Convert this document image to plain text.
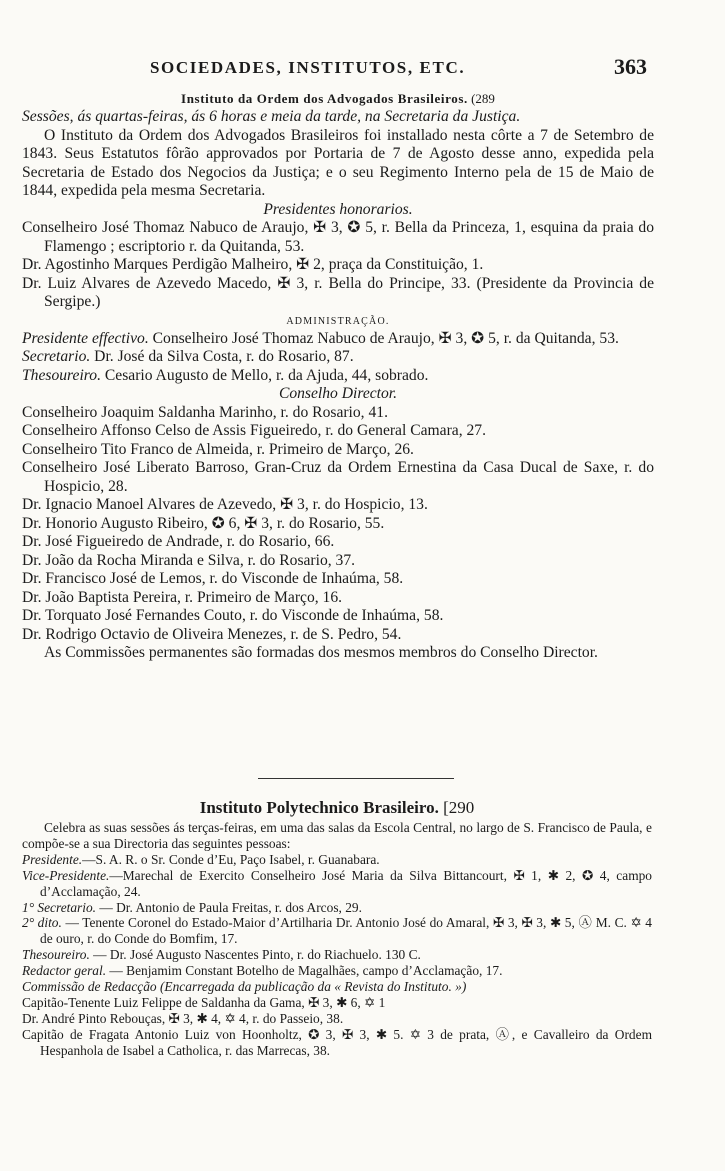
SOCIEDADES, INSTITUTOS, ETC.	363
Instituto da Ordem dos Advogados Brasileiros. (289

Sessões, ás quartas-feiras, ás 6 horas e meia da tarde, na Secretaria da Justiça.

O Instituto da Ordem dos Advogados Brasileiros foi installado nesta côrte a 7 de Setembro de 1843. Seus Estatutos fôrão approvados por Portaria de 7 de Agosto desse anno, expedida pela Secretaria de Estado dos Negocios da Justiça; e o seu Regimento Interno pela de 15 de Maio de 1844, expedida pela mesma Secretaria.

Presidentes honorarios.

Conselheiro José Thomaz Nabuco de Araujo, ✠ 3, ✪ 5, r. Bella da Princeza, 1, esquina da praia do Flamengo ; escriptorio r. da Quitanda, 53.

Dr. Agostinho Marques Perdigão Malheiro, ✠ 2, praça da Constituição, 1.

Dr. Luiz Alvares de Azevedo Macedo, ✠ 3, r. Bella do Principe, 33. (Presidente da Provincia de Sergipe.)

ADMINISTRAÇÃO.

Presidente effectivo. Conselheiro José Thomaz Nabuco de Araujo, ✠ 3, ✪ 5, r. da Quitanda, 53.

Secretario. Dr. José da Silva Costa, r. do Rosario, 87.

Thesoureiro. Cesario Augusto de Mello, r. da Ajuda, 44, sobrado.

Conselho Director.

Conselheiro Joaquim Saldanha Marinho, r. do Rosario, 41.

Conselheiro Affonso Celso de Assis Figueiredo, r. do General Camara, 27.

Conselheiro Tito Franco de Almeida, r. Primeiro de Março, 26.

Conselheiro José Liberato Barroso, Gran-Cruz da Ordem Ernestina da Casa Ducal de Saxe, r. do Hospicio, 28.

Dr. Ignacio Manoel Alvares de Azevedo, ✠ 3, r. do Hospicio, 13.

Dr. Honorio Augusto Ribeiro, ✪ 6, ✠ 3, r. do Rosario, 55.

Dr. José Figueiredo de Andrade, r. do Rosario, 66.

Dr. João da Rocha Miranda e Silva, r. do Rosario, 37.

Dr. Francisco José de Lemos, r. do Visconde de Inhaúma, 58.

Dr. João Baptista Pereira, r. Primeiro de Março, 16.

Dr. Torquato José Fernandes Couto, r. do Visconde de Inhaúma, 58.

Dr. Rodrigo Octavio de Oliveira Menezes, r. de S. Pedro, 54.

As Commissões permanentes são formadas dos mesmos membros do Conselho Director.

Instituto Polytechnico Brasileiro. [290

Celebra as suas sessões ás terças-feiras, em uma das salas da Escola Central, no largo de S. Francisco de Paula, e compõe-se a sua Directoria das seguintes pessoas:

Presidente.—S. A. R. o Sr. Conde d’Eu, Paço Isabel, r. Guanabara.

Vice-Presidente.—Marechal de Exercito Conselheiro José Maria da Silva Bittancourt, ✠ 1, ✱ 2, ✪ 4, campo d’Acclamação, 24.

1° Secretario. — Dr. Antonio de Paula Freitas, r. dos Arcos, 29.

2° dito. — Tenente Coronel do Estado-Maior d’Artilharia Dr. Antonio José do Amaral, ✠ 3, ✠ 3, ✱ 5, Ⓐ M. C. ✡ 4 de ouro, r. do Conde do Bomfim, 17.

Thesoureiro. — Dr. José Augusto Nascentes Pinto, r. do Riachuelo. 130 C.

Redactor geral. — Benjamim Constant Botelho de Magalhães, campo d’Acclamação, 17.

Commissão de Redacção (Encarregada da publicação da « Revista do Instituto. »)

Capitão-Tenente Luiz Felippe de Saldanha da Gama, ✠ 3, ✱ 6, ✡ 1

Dr. André Pinto Rebouças, ✠ 3, ✱ 4, ✡ 4, r. do Passeio, 38.

Capitão de Fragata Antonio Luiz von Hoonholtz, ✪ 3, ✠ 3, ✱ 5. ✡ 3 de prata, Ⓐ, e Cavalleiro da Ordem Hespanhola de Isabel a Catholica, r. das Marrecas, 38.
